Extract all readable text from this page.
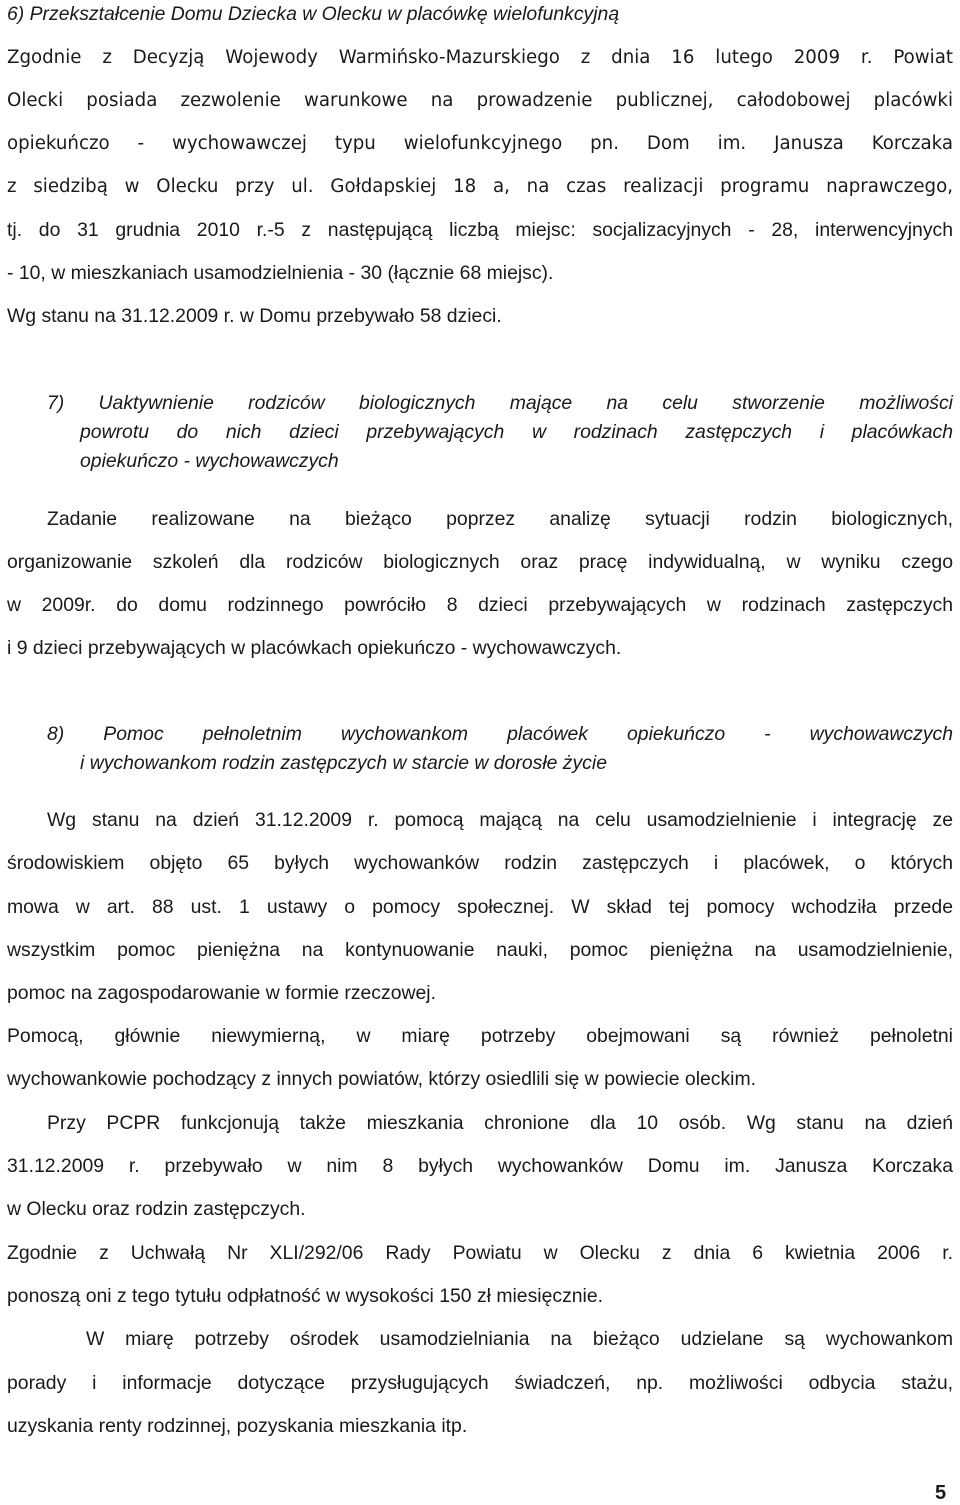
6) Przekształcenie Domu Dziecka w Olecku w placówkę wielofunkcyjną
Zgodnie z Decyzją Wojewody Warmińsko-Mazurskiego z dnia 16 lutego 2009 r. Powiat
Olecki posiada zezwolenie warunkowe na prowadzenie publicznej, całodobowej placówki
opiekuńczo - wychowawczej typu wielofunkcyjnego pn. Dom im. Janusza Korczaka
z siedzibą w Olecku przy ul. Gołdapskiej 18 a, na czas realizacji programu naprawczego,
tj. do 31 grudnia 2010 r.-5 z następującą liczbą miejsc: socjalizacyjnych - 28, interwencyjnych
- 10, w mieszkaniach usamodzielnienia - 30 (łącznie 68 miejsc).
Wg stanu na 31.12.2009 r. w Domu przebywało 58 dzieci.
7) Uaktywnienie rodziców biologicznych mające na celu stworzenie możliwości
powrotu do nich dzieci przebywających w rodzinach zastępczych i placówkach
opiekuńczo - wychowawczych
Zadanie realizowane na bieżąco poprzez analizę sytuacji rodzin biologicznych,
organizowanie szkoleń dla rodziców biologicznych oraz pracę indywidualną, w wyniku czego
w 2009r. do domu rodzinnego powróciło 8 dzieci przebywających w rodzinach zastępczych
i 9 dzieci przebywających w placówkach opiekuńczo - wychowawczych.
8) Pomoc pełnoletnim wychowankom placówek opiekuńczo - wychowawczych
i wychowankom rodzin zastępczych w starcie w dorosłe życie
Wg stanu na dzień 31.12.2009 r. pomocą mającą na celu usamodzielnienie i integrację ze
środowiskiem objęto 65 byłych wychowanków rodzin zastępczych i placówek, o których
mowa w art. 88 ust. 1 ustawy o pomocy społecznej. W skład tej pomocy wchodziła przede
wszystkim pomoc pieniężna na kontynuowanie nauki, pomoc pieniężna na usamodzielnienie,
pomoc na zagospodarowanie w formie rzeczowej.
Pomocą, głównie niewymierną, w miarę potrzeby obejmowani są również pełnoletni
wychowankowie pochodzący z innych powiatów, którzy osiedlili się w powiecie oleckim.
Przy PCPR funkcjonują także mieszkania chronione dla 10 osób. Wg stanu na dzień
31.12.2009 r. przebywało w nim 8 byłych wychowanków Domu im. Janusza Korczaka
w Olecku oraz rodzin zastępczych.
Zgodnie z Uchwałą Nr XLI/292/06 Rady Powiatu w Olecku z dnia 6 kwietnia 2006 r.
ponoszą oni z tego tytułu odpłatność w wysokości 150 zł miesięcznie.
W miarę potrzeby ośrodek usamodzielniania na bieżąco udzielane są wychowankom
porady i informacje dotyczące przysługujących świadczeń, np. możliwości odbycia stażu,
uzyskania renty rodzinnej, pozyskania mieszkania itp.
5
